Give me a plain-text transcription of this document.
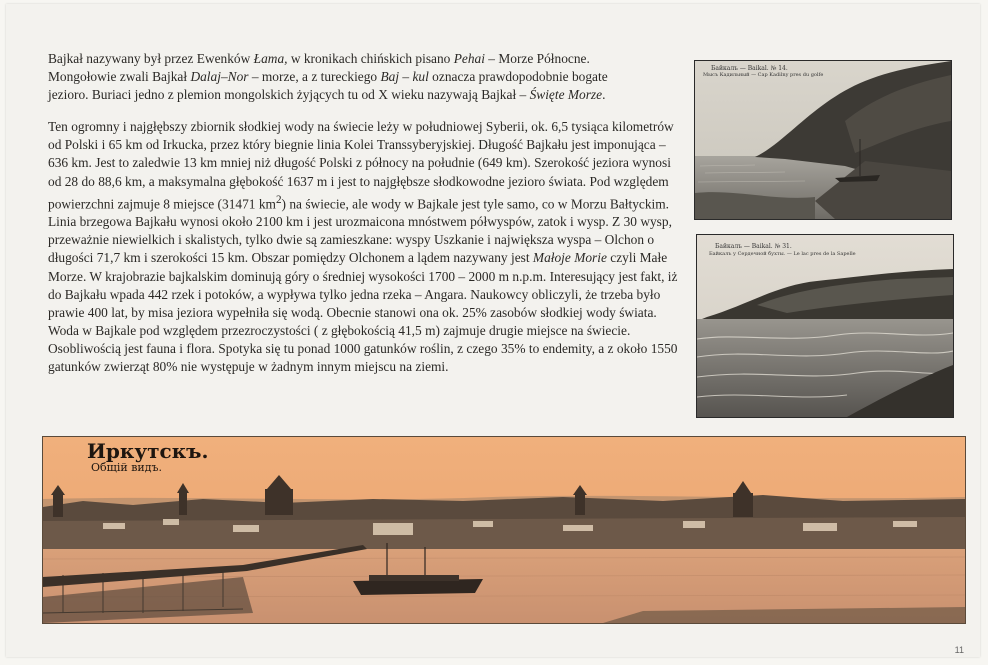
Bajkał nazywany był przez Ewenków Łama, w kronikach chińskich pisano Pehai – Morze Północne.
Mongołowie zwali Bajkał Dalaj–Nor – morze, a z tureckiego Baj – kul oznacza prawdopodobnie bogate
jezioro. Buriaci jedno z plemion mongolskich żyjących tu od X wieku nazywają Bajkał – Święte Morze.

Ten ogromny i najgłębszy zbiornik słodkiej wody na świecie leży w południowej Syberii, ok. 6,5 tysiąca kilometrów od Polski i 65 km od Irkucka, przez który biegnie linia Kolei Transsyberyjskiej. Długość Bajkału jest imponująca – 636 km. Jest to zaledwie 13 km mniej niż długość Polski z północy na południe (649 km). Szerokość jeziora wynosi od 28 do 88,6 km, a maksymalna głębokość 1637 m i jest to najgłębsze słodkowodne jezioro świata. Pod względem powierzchni zajmuje 8 miejsce (31471 $km^2$) na świecie, ale wody w Bajkale jest tyle samo, co w Morzu Bałtyckim. Linia brzegowa Bajkału wynosi około 2100 km i jest urozmaicona mnóstwem półwyspów, zatok i wysp. Z 30 wysp, przeważnie niewielkich i skalistych, tylko dwie są zamieszkane: wyspy Uszkanie i największa wyspa – Olchon o długości 71,7 km i szerokości 15 km. Obszar pomiędzy Olchonem a lądem nazywany jest Małoje Morie czyli Małe Morze. W krajobrazie bajkalskim dominują góry o średniej wysokości 1700 – 2000 m n.p.m. Interesujący jest fakt, iż do Bajkału wpada 442 rzek i potoków, a wypływa tylko jedna rzeka – Angara. Naukowcy obliczyli, że trzeba było prawie 400 lat, by misa jeziora wypełniła się wodą. Obecnie stanowi ona ok. 25% zasobów słodkiej wody świata. Woda w Bajkale pod względem przezroczystości ( z głębokością 41,5 m) zajmuje drugie miejsce na świecie. Osobliwością jest fauna i flora. Spotyka się tu ponad 1000 gatunków roślin, z czego 35% to endemity, a z około 1550 gatunków zwierząt 80% nie występuje w żadnym innym miejscu na ziemi.

Байкалъ — Baikal. № 14.
Мысъ Кадильный — Cap Kadilny pres du golfe
Байкалъ — Baikal. № 31.
Байкалъ у Сердечной бухты. — Le lac pres de la Sapelle
Иркутскъ.
Общiй видъ.
11
